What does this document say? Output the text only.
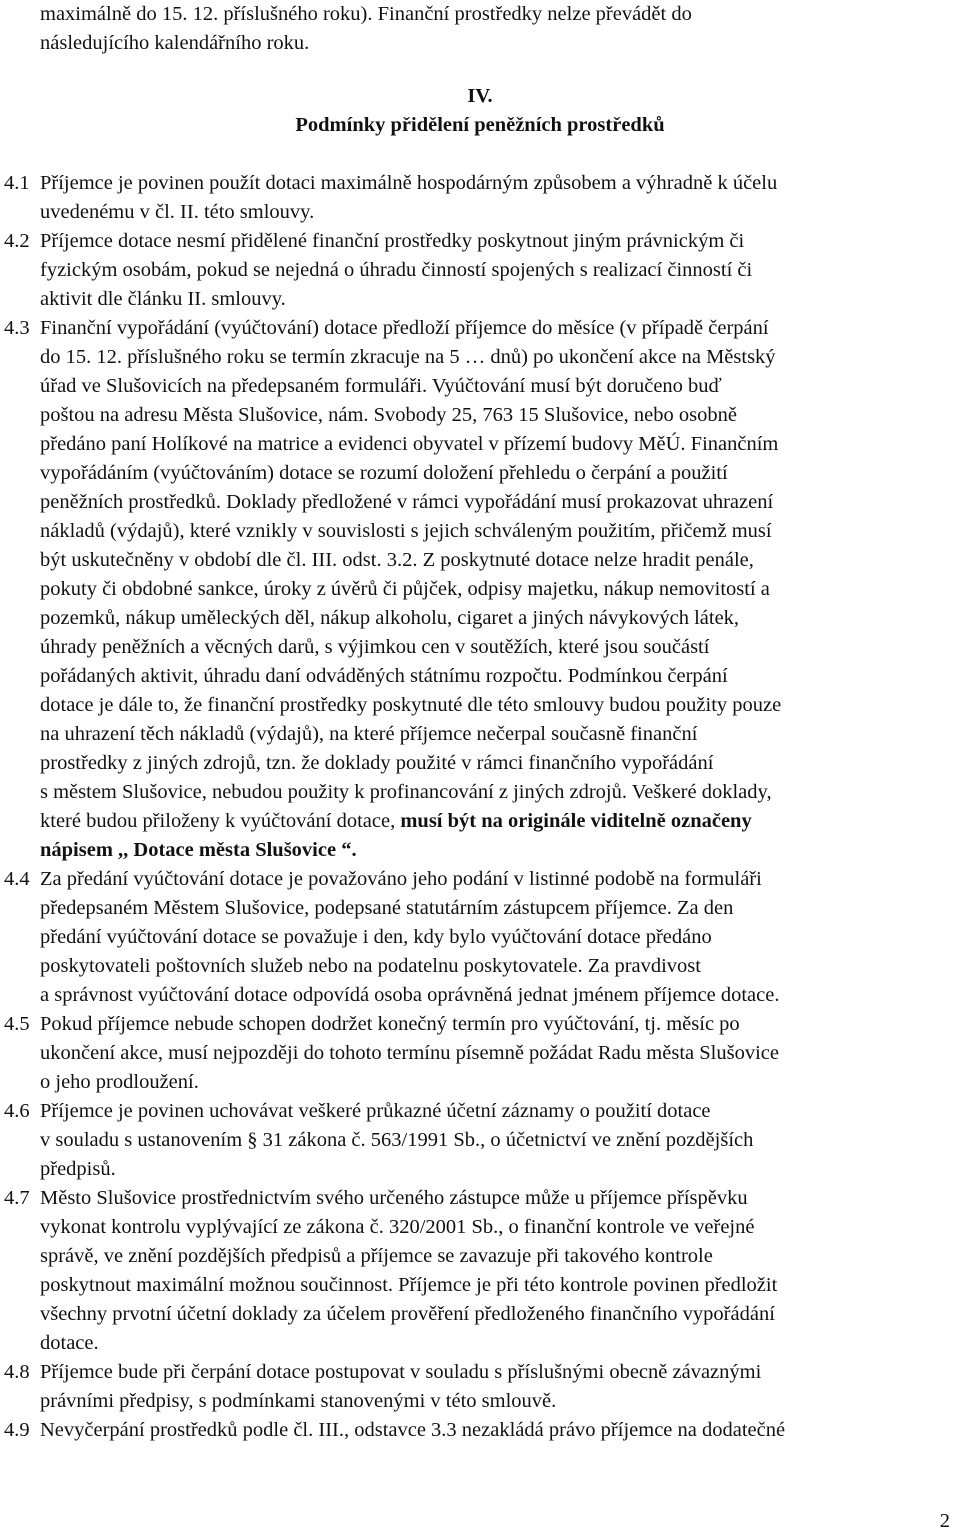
maximálně do 15. 12. příslušného roku). Finanční prostředky nelze převádět do
následujícího kalendářního roku.
IV.
Podmínky přidělení peněžních prostředků
4.1 Příjemce je povinen použít dotaci maximálně hospodárným způsobem a výhradně k účelu
uvedenému v čl. II. této smlouvy.
4.2 Příjemce dotace nesmí přidělené finanční prostředky poskytnout jiným právnickým či
fyzickým osobám, pokud se nejedná o úhradu činností spojených s realizací činností či
aktivit dle článku II. smlouvy.
4.3 Finanční vypořádání (vyúčtování) dotace předloží příjemce do měsíce (v případě čerpání
do 15. 12. příslušného roku se termín zkracuje na 5 … dnů) po ukončení akce na Městský
úřad ve Slušovicích na předepsaném formuláři. Vyúčtování musí být doručeno buď
poštou na adresu Města Slušovice, nám. Svobody 25, 763 15 Slušovice, nebo osobně
předáno paní Holíkové na matrice a evidenci obyvatel v přízemí budovy MěÚ. Finančním
vypořádáním (vyúčtováním) dotace se rozumí doložení přehledu o čerpání a použití
peněžních prostředků. Doklady předložené v rámci vypořádání musí prokazovat uhrazení
nákladů (výdajů), které vznikly v souvislosti s jejich schváleným použitím, přičemž musí
být uskutečněny v období dle čl. III. odst. 3.2. Z poskytnuté dotace nelze hradit penále,
pokuty či obdobné sankce, úroky z úvěrů či půjček, odpisy majetku, nákup nemovitostí a
pozemků, nákup uměleckých děl, nákup alkoholu, cigaret a jiných návykových látek,
úhrady peněžních a věcných darů, s výjimkou cen v soutěžích, které jsou součástí
pořádaných aktivit, úhradu daní odváděných státnímu rozpočtu. Podmínkou čerpání
dotace je dále to, že finanční prostředky poskytnuté dle této smlouvy budou použity pouze
na uhrazení těch nákladů (výdajů), na které příjemce nečerpal současně finanční
prostředky z jiných zdrojů, tzn. že doklady použité v rámci finančního vypořádání
s městem Slušovice, nebudou použity k profinancování z jiných zdrojů. Veškeré doklady,
které budou přiloženy k vyúčtování dotace, musí být na originále viditelně označeny
nápisem ,, Dotace města Slušovice “.
4.4 Za předání vyúčtování dotace je považováno jeho podání v listinné podobě na formuláři
předepsaném Městem Slušovice, podepsané statutárním zástupcem příjemce. Za den
předání vyúčtování dotace se považuje i den, kdy bylo vyúčtování dotace předáno
poskytovateli poštovních služeb nebo na podatelnu poskytovatele. Za pravdivost
a správnost vyúčtování dotace odpovídá osoba oprávněná jednat jménem příjemce dotace.
4.5 Pokud příjemce nebude schopen dodržet konečný termín pro vyúčtování, tj. měsíc po
ukončení akce, musí nejpozději do tohoto termínu písemně požádat Radu města Slušovice
o jeho prodloužení.
4.6 Příjemce je povinen uchovávat veškeré průkazné účetní záznamy o použití dotace
v souladu s ustanovením § 31 zákona č. 563/1991 Sb., o účetnictví ve znění pozdějších
předpisů.
4.7 Město Slušovice prostřednictvím svého určeného zástupce může u příjemce příspěvku
vykonat kontrolu vyplývající ze zákona č. 320/2001 Sb., o finanční kontrole ve veřejné
správě, ve znění pozdějších předpisů a příjemce se zavazuje při takového kontrole
poskytnout maximální možnou součinnost. Příjemce je při této kontrole povinen předložit
všechny prvotní účetní doklady za účelem prověření předloženého finančního vypořádání
dotace.
4.8 Příjemce bude při čerpání dotace postupovat v souladu s příslušnými obecně závaznými
právními předpisy, s podmínkami stanovenými v této smlouvě.
4.9 Nevyčerpání prostředků podle čl. III., odstavce 3.3 nezakládá právo příjemce na dodatečné
2
